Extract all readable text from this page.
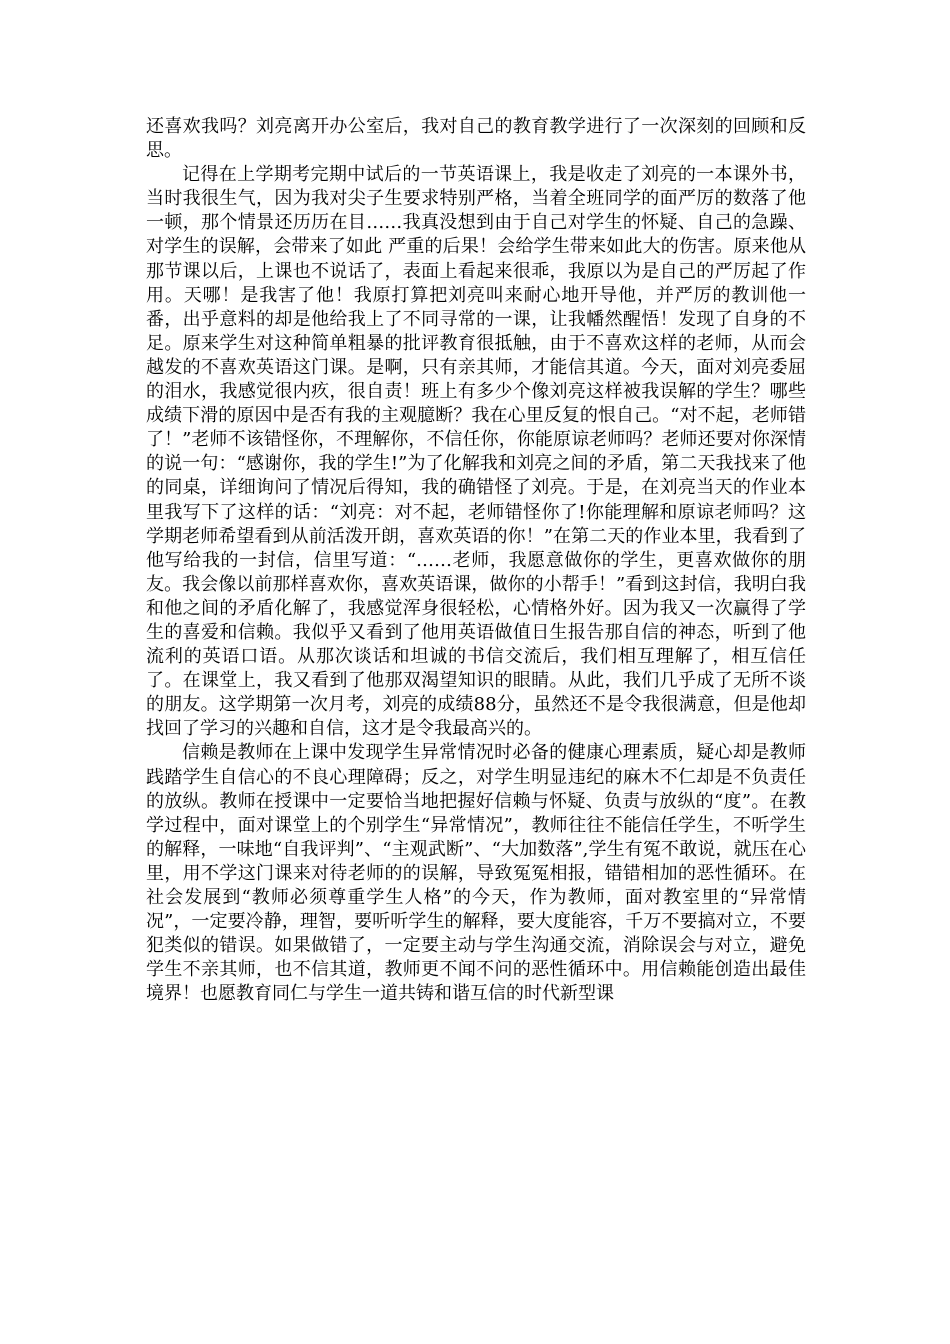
还喜欢我吗？刘亮离开办公室后，我对自己的教育教学进行了一次深刻的回顾和反思。

记得在上学期考完期中试后的一节英语课上，我是收走了刘亮的一本课外书，当时我很生气，因为我对尖子生要求特别严格，当着全班同学的面严厉的数落了他一顿，那个情景还历历在目……我真没想到由于自己对学生的怀疑、自己的急躁、对学生的误解，会带来了如此 严重的后果！会给学生带来如此大的伤害。原来他从那节课以后，上课也不说话了，表面上看起来很乖，我原以为是自己的严厉起了作用。天哪！是我害了他！我原打算把刘亮叫来耐心地开导他，并严厉的教训他一番，出乎意料的却是他给我上了不同寻常的一课，让我幡然醒悟！发现了自身的不足。原来学生对这种简单粗暴的批评教育很抵触，由于不喜欢这样的老师，从而会越发的不喜欢英语这门课。是啊，只有亲其师，才能信其道。今天，面对刘亮委屈的泪水，我感觉很内疚，很自责！班上有多少个像刘亮这样被我误解的学生？哪些成绩下滑的原因中是否有我的主观臆断？我在心里反复的恨自己。“对不起，老师错了！”老师不该错怪你，不理解你，不信任你，你能原谅老师吗？老师还要对你深情的说一句：“感谢你，我的学生!”为了化解我和刘亮之间的矛盾，第二天我找来了他的同桌，详细询问了情况后得知，我的确错怪了刘亮。于是，在刘亮当天的作业本里我写下了这样的话：“刘亮：对不起，老师错怪你了!你能理解和原谅老师吗？这学期老师希望看到从前活泼开朗，喜欢英语的你！”在第二天的作业本里，我看到了他写给我的一封信，信里写道：“……老师，我愿意做你的学生，更喜欢做你的朋友。我会像以前那样喜欢你，喜欢英语课，做你的小帮手！”看到这封信，我明白我和他之间的矛盾化解了，我感觉浑身很轻松，心情格外好。因为我又一次赢得了学生的喜爱和信赖。我似乎又看到了他用英语做值日生报告那自信的神态，听到了他流利的英语口语。从那次谈话和坦诚的书信交流后，我们相互理解了，相互信任了。在课堂上，我又看到了他那双渴望知识的眼睛。从此，我们几乎成了无所不谈的朋友。这学期第一次月考，刘亮的成绩88分，虽然还不是令我很满意，但是他却找回了学习的兴趣和自信，这才是令我最高兴的。

信赖是教师在上课中发现学生异常情况时必备的健康心理素质，疑心却是教师践踏学生自信心的不良心理障碍；反之，对学生明显违纪的麻木不仁却是不负责任的放纵。教师在授课中一定要恰当地把握好信赖与怀疑、负责与放纵的“度”。在教学过程中，面对课堂上的个别学生“异常情况”，教师往往不能信任学生，不听学生的解释，一味地“自我评判”、“主观武断”、“大加数落”,学生有冤不敢说，就压在心里，用不学这门课来对待老师的的误解，导致冤冤相报，错错相加的恶性循环。在社会发展到“教师必须尊重学生人格”的今天，作为教师，面对教室里的“异常情况”，一定要冷静，理智，要听听学生的解释，要大度能容，千万不要搞对立，不要犯类似的错误。如果做错了，一定要主动与学生沟通交流，消除误会与对立，避免学生不亲其师，也不信其道，教师更不闻不问的恶性循环中。用信赖能创造出最佳境界！也愿教育同仁与学生一道共铸和谐互信的时代新型课
